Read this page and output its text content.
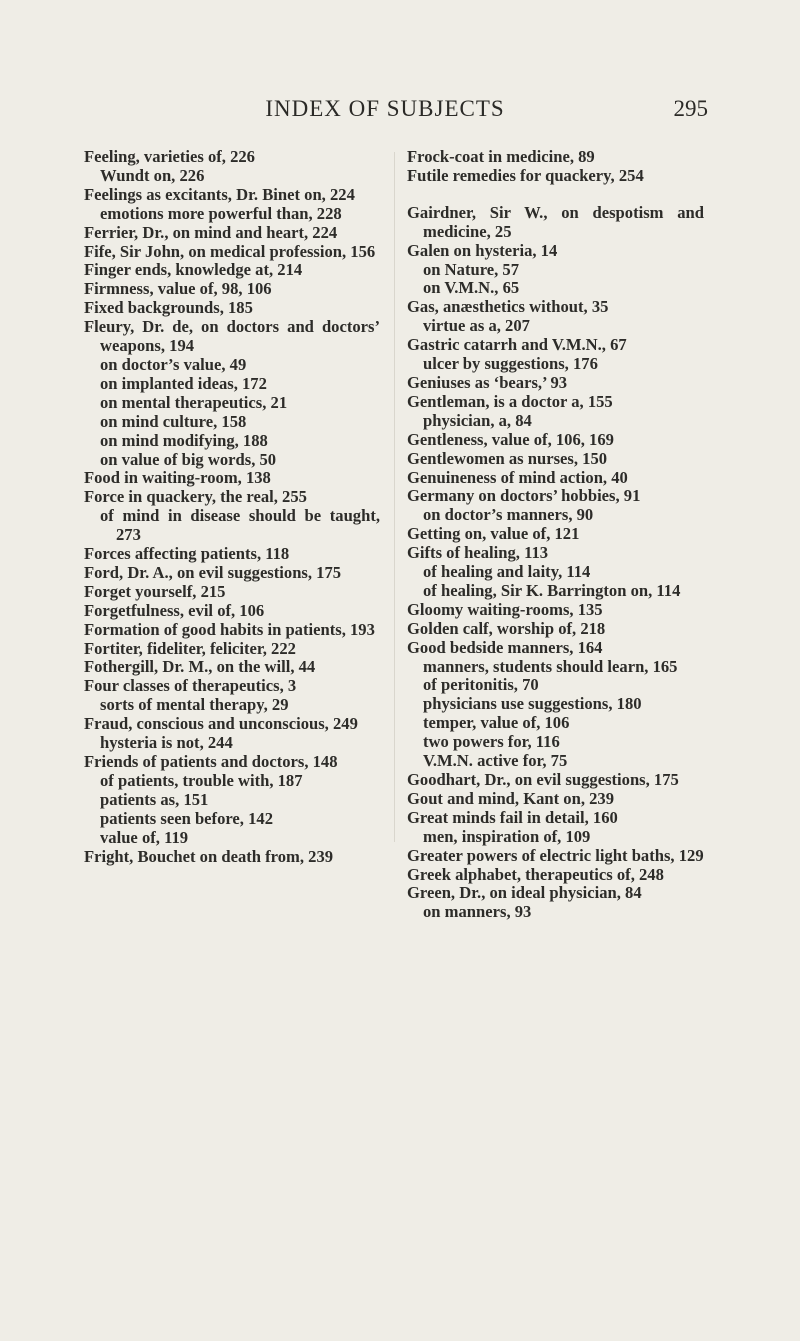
INDEX OF SUBJECTS	295
Feeling, varieties of, 226
Wundt on, 226
Feelings as excitants, Dr. Binet on, 224
emotions more powerful than, 228
Ferrier, Dr., on mind and heart, 224
Fife, Sir John, on medical profession, 156
Finger ends, knowledge at, 214
Firmness, value of, 98, 106
Fixed backgrounds, 185
Fleury, Dr. de, on doctors and doctors’ weapons, 194
on doctor’s value, 49
on implanted ideas, 172
on mental therapeutics, 21
on mind culture, 158
on mind modifying, 188
on value of big words, 50
Food in waiting-room, 138
Force in quackery, the real, 255
of mind in disease should be taught, 273
Forces affecting patients, 118
Ford, Dr. A., on evil suggestions, 175
Forget yourself, 215
Forgetfulness, evil of, 106
Formation of good habits in patients, 193
Fortiter, fideliter, feliciter, 222
Fothergill, Dr. M., on the will, 44
Four classes of therapeutics, 3
sorts of mental therapy, 29
Fraud, conscious and unconscious, 249
hysteria is not, 244
Friends of patients and doctors, 148
of patients, trouble with, 187
patients as, 151
patients seen before, 142
value of, 119
Fright, Bouchet on death from, 239
Frock-coat in medicine, 89
Futile remedies for quackery, 254
Gairdner, Sir W., on despotism and medicine, 25
Galen on hysteria, 14
on Nature, 57
on V.M.N., 65
Gas, anæsthetics without, 35
virtue as a, 207
Gastric catarrh and V.M.N., 67
ulcer by suggestions, 176
Geniuses as ‘bears,’ 93
Gentleman, is a doctor a, 155
physician, a, 84
Gentleness, value of, 106, 169
Gentlewomen as nurses, 150
Genuineness of mind action, 40
Germany on doctors’ hobbies, 91
on doctor’s manners, 90
Getting on, value of, 121
Gifts of healing, 113
of healing and laity, 114
of healing, Sir K. Barrington on, 114
Gloomy waiting-rooms, 135
Golden calf, worship of, 218
Good bedside manners, 164
manners, students should learn, 165
of peritonitis, 70
physicians use suggestions, 180
temper, value of, 106
two powers for, 116
V.M.N. active for, 75
Goodhart, Dr., on evil suggestions, 175
Gout and mind, Kant on, 239
Great minds fail in detail, 160
men, inspiration of, 109
Greater powers of electric light baths, 129
Greek alphabet, therapeutics of, 248
Green, Dr., on ideal physician, 84
on manners, 93
